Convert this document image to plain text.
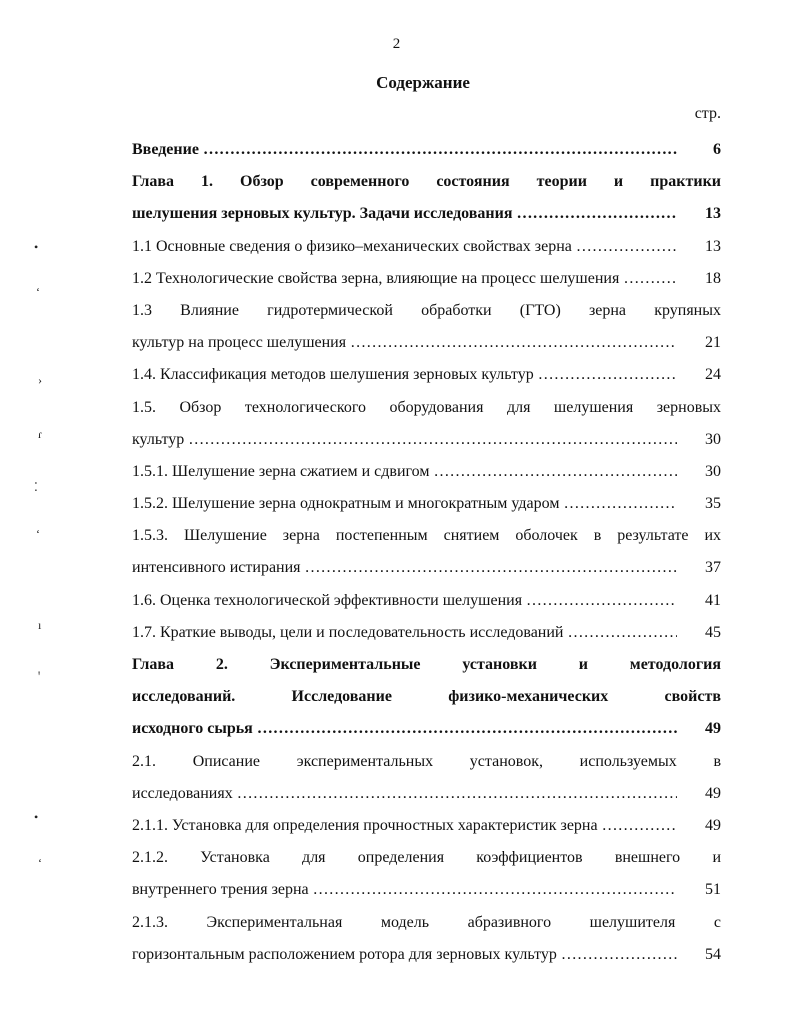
2
Содержание
стр.
Введение ……………………………………………………………………………………………………………………………………	6
Глава 1. Обзор современного состояния теории и практики
шелушения зерновых культур. Задачи исследования ……………………………………………………………………………………………………………………………………	13
1.1 Основные сведения о физико–механических свойствах зерна ……………………………………………………………………………………………………………………………………	13
1.2 Технологические свойства зерна, влияющие на процесс шелушения ……………………………………………………………………………………………………………………………………	18
1.3 Влияние гидротермической обработки (ГТО) зерна крупяных
культур на процесс шелушения ……………………………………………………………………………………………………………………………………	21
1.4. Классификация методов шелушения зерновых культур ……………………………………………………………………………………………………………………………………	24
1.5. Обзор технологического оборудования для шелушения зерновых
культур ……………………………………………………………………………………………………………………………………	30
1.5.1. Шелушение зерна сжатием и сдвигом ……………………………………………………………………………………………………………………………………	30
1.5.2. Шелушение зерна однократным и многократным ударом ……………………………………………………………………………………………………………………………………	35
1.5.3. Шелушение зерна постепенным снятием оболочек в результате их
интенсивного истирания ……………………………………………………………………………………………………………………………………	37
1.6. Оценка технологической эффективности шелушения ……………………………………………………………………………………………………………………………………	41
1.7. Краткие выводы, цели и последовательность исследований ……………………………………………………………………………………………………………………………………	45
Глава 2. Экспериментальные установки и методология
исследований. Исследование физико-механических свойств
исходного сырья ……………………………………………………………………………………………………………………………………	49
2.1. Описание экспериментальных установок, используемых в
исследованиях ……………………………………………………………………………………………………………………………………	49
2.1.1. Установка для определения прочностных характеристик зерна ……………………………………………………………………………………………………………………………………	49
2.1.2. Установка для определения коэффициентов внешнего и
внутреннего трения зерна ……………………………………………………………………………………………………………………………………	51
2.1.3. Экспериментальная модель абразивного шелушителя с
горизонтальным расположением ротора для зерновых культур ……………………………………………………………………………………………………………………………………	54
•
‘
›
ɾ
⁚
‘
ı
ꞌ
•
‘
